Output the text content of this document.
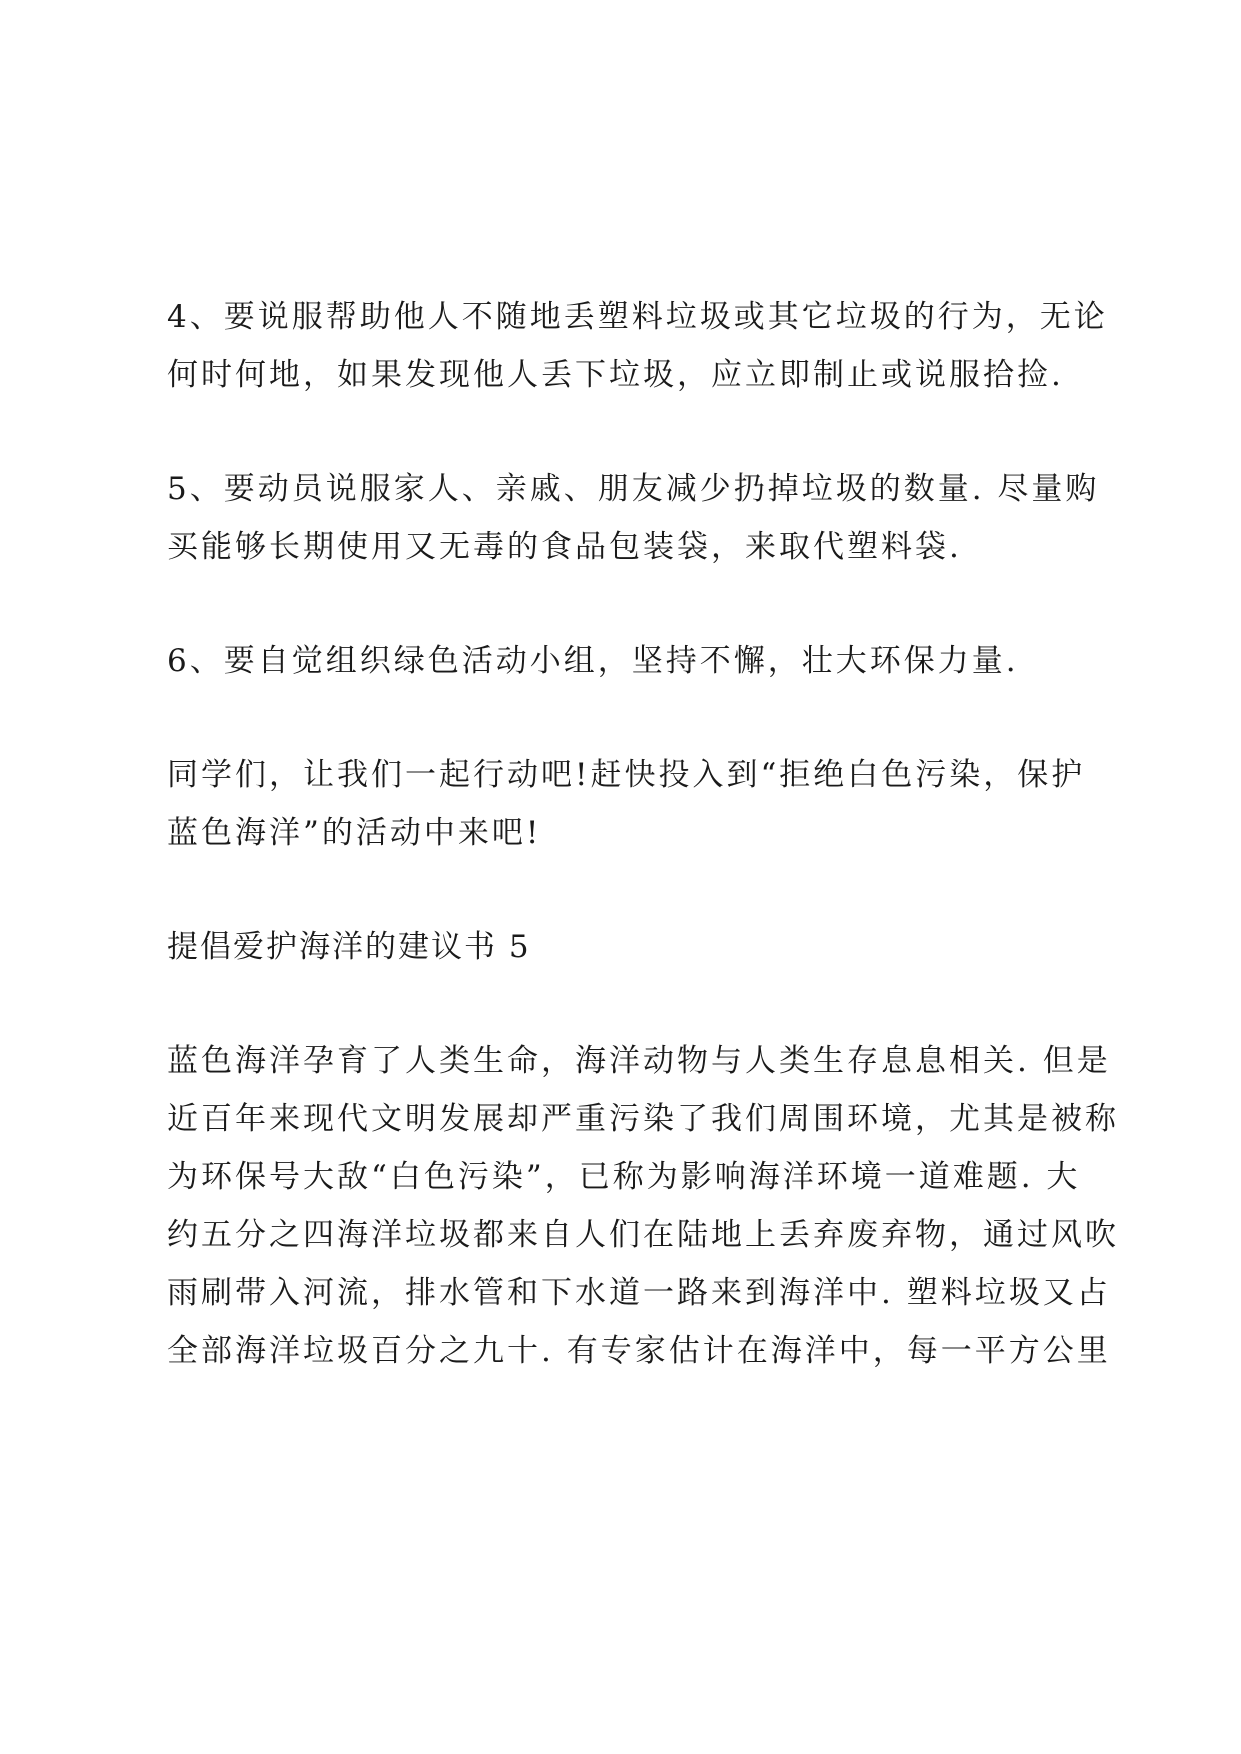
4、要说服帮助他人不随地丢塑料垃圾或其它垃圾的行为，无论
何时何地，如果发现他人丢下垃圾，应立即制止或说服拾捡.

5、要动员说服家人、亲戚、朋友减少扔掉垃圾的数量. 尽量购
买能够长期使用又无毒的食品包装袋，来取代塑料袋.

6、要自觉组织绿色活动小组，坚持不懈，壮大环保力量.

同学们，让我们一起行动吧!赶快投入到“拒绝白色污染，保护
蓝色海洋”的活动中来吧!

提倡爱护海洋的建议书 5

蓝色海洋孕育了人类生命，海洋动物与人类生存息息相关. 但是
近百年来现代文明发展却严重污染了我们周围环境，尤其是被称
为环保号大敌“白色污染”，已称为影响海洋环境一道难题. 大
约五分之四海洋垃圾都来自人们在陆地上丢弃废弃物，通过风吹
雨刷带入河流，排水管和下水道一路来到海洋中. 塑料垃圾又占
全部海洋垃圾百分之九十. 有专家估计在海洋中，每一平方公里
